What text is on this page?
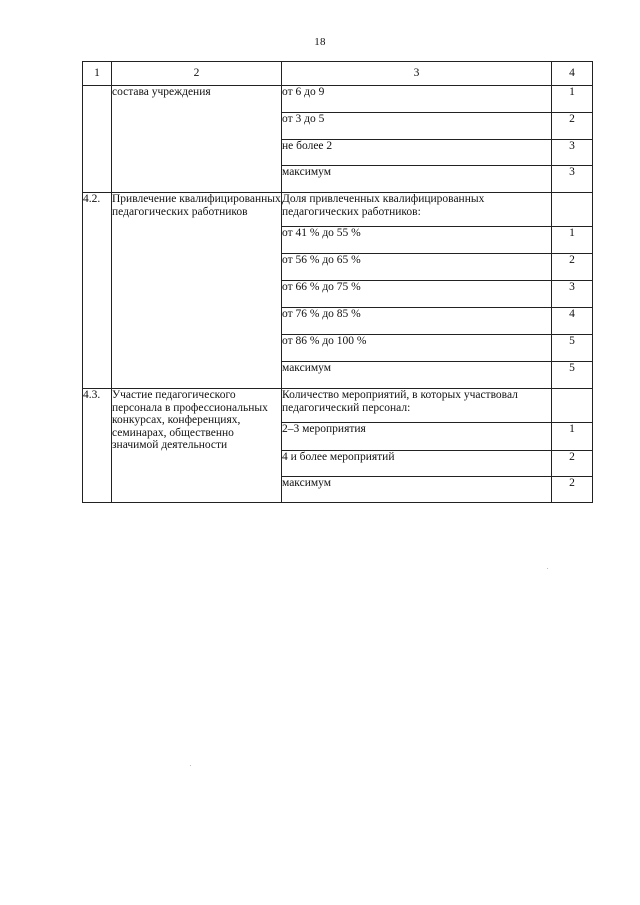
18
1	2	3	4
	состава учреждения	от 6 до 9	1
		от 3 до 5	2
		не более 2	3
		максимум	3
4.2.	Привлечение квалифицированных педагогических работников	Доля привлеченных квалифицированных педагогических работников:	
		от 41 % до 55 %	1
		от 56 % до 65 %	2
		от 66 % до 75 %	3
		от 76 % до 85 %	4
		от 86 % до 100 %	5
		максимум	5
4.3.	Участие педагогического персонала в профессиональных конкурсах, конференциях, семинарах, общественно значимой деятельности	Количество мероприятий, в которых участвовал педагогический персонал:	
		2–3 мероприятия	1
		4 и более мероприятий	2
		максимум	2
